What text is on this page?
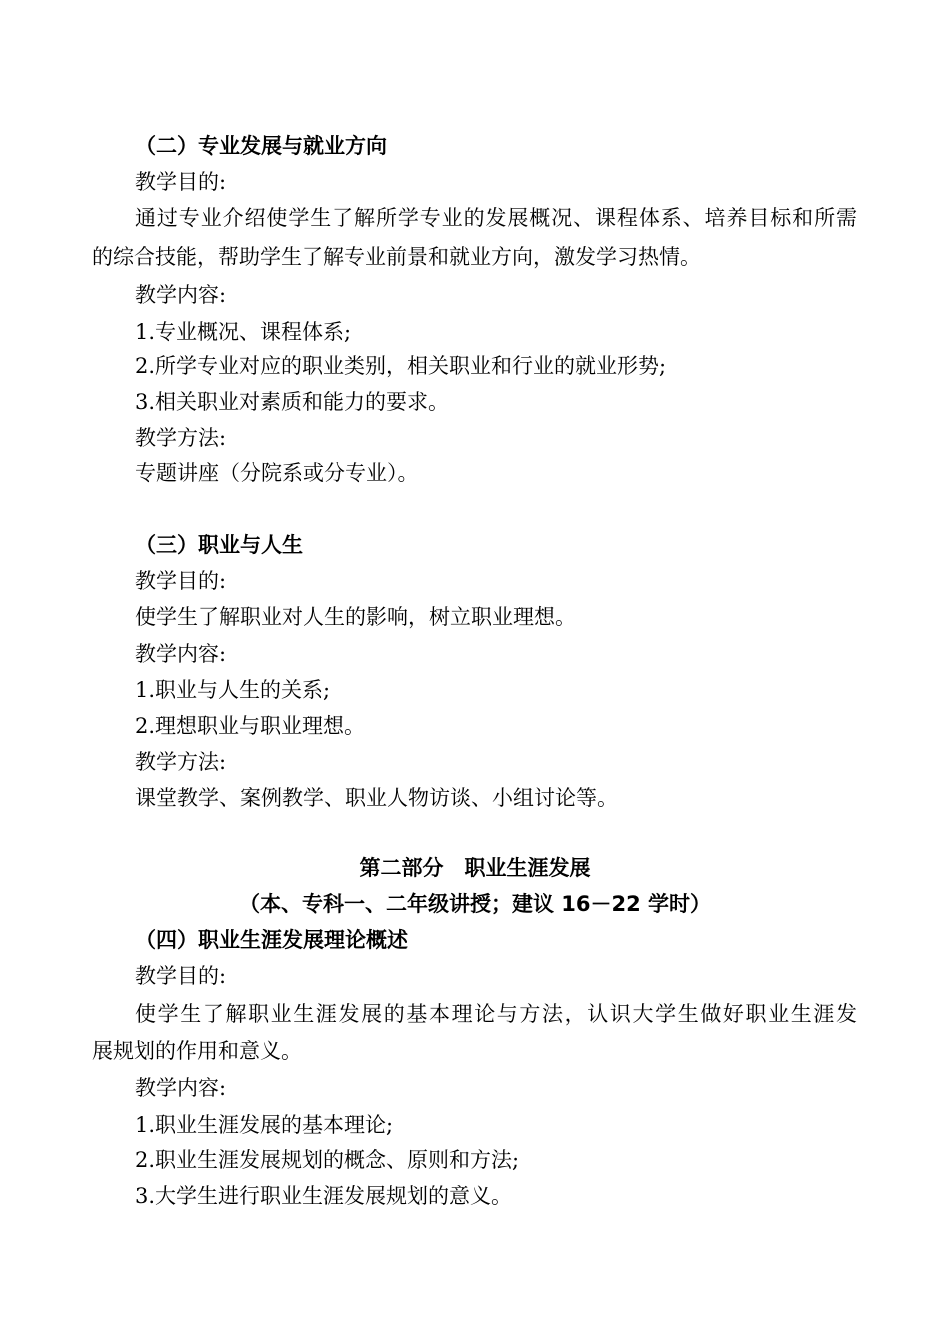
（二）专业发展与就业方向
教学目的:
通过专业介绍使学生了解所学专业的发展概况、课程体系、培养目标和所需
的综合技能，帮助学生了解专业前景和就业方向，激发学习热情。
教学内容:
1.专业概况、课程体系;
2.所学专业对应的职业类别，相关职业和行业的就业形势;
3.相关职业对素质和能力的要求。
教学方法:
专题讲座（分院系或分专业）。
（三）职业与人生
教学目的:
使学生了解职业对人生的影响，树立职业理想。
教学内容:
1.职业与人生的关系;
2.理想职业与职业理想。
教学方法:
课堂教学、案例教学、职业人物访谈、小组讨论等。
第二部分　职业生涯发展
（本、专科一、二年级讲授；建议 16－22 学时）
（四）职业生涯发展理论概述
教学目的:
使学生了解职业生涯发展的基本理论与方法，认识大学生做好职业生涯发
展规划的作用和意义。
教学内容:
1.职业生涯发展的基本理论;
2.职业生涯发展规划的概念、原则和方法;
3.大学生进行职业生涯发展规划的意义。
